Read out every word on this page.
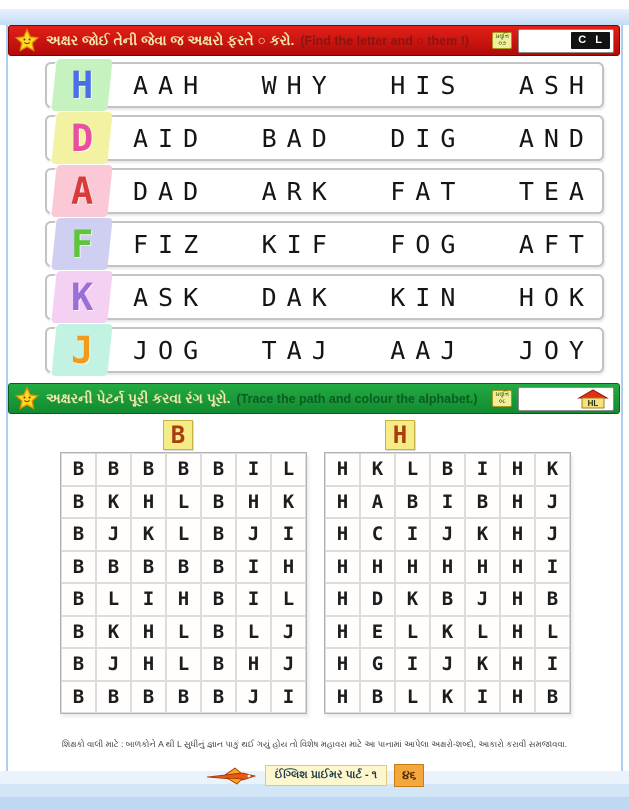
અક્ષર જોઈ તેની જેવા જ અક્ષરો ફરતે ○ કરો. (Find the letter and ○ them !)	પ્રવૃત્તિ
૦૭	C L
H AAH WHY HIS ASH
D AID BAD DIG AND
A DAD ARK FAT TEA
F FIZ KIF FOG AFT
K ASK DAK KIN HOK
J JOG TAJ AAJ JOY
અક્ષરની પેટર્ન પૂરી કરવા રંગ પૂરો. (Trace the path and colour the alphabet.)	પ્રવૃત્તિ
૦૮	HL
B	H
B	B	B	B	B	I	L
B	K	H	L	B	H	K
B	J	K	L	B	J	I
B	B	B	B	B	I	H
B	L	I	H	B	I	L
B	K	H	L	B	L	J
B	J	H	L	B	H	J
B	B	B	B	B	J	I
H	K	L	B	I	H	K
H	A	B	I	B	H	J
H	C	I	J	K	H	J
H	H	H	H	H	H	I
H	D	K	B	J	H	B
H	E	L	K	L	H	L
H	G	I	J	K	H	I
H	B	L	K	I	H	B
શિક્ષકો વાલી માટે : બાળકોને A થી L સુધીનું જ્ઞાન પાકું થઈ ગયું હોય તો વિશેષ મહાવરા માટે આ પાનામાં આપેલા અક્ષરો-શબ્દો, આકારો કરાવી સમજાવવા.
ઈંગ્લિશ પ્રાઈમર પાર્ટ - ૧	૪૬
